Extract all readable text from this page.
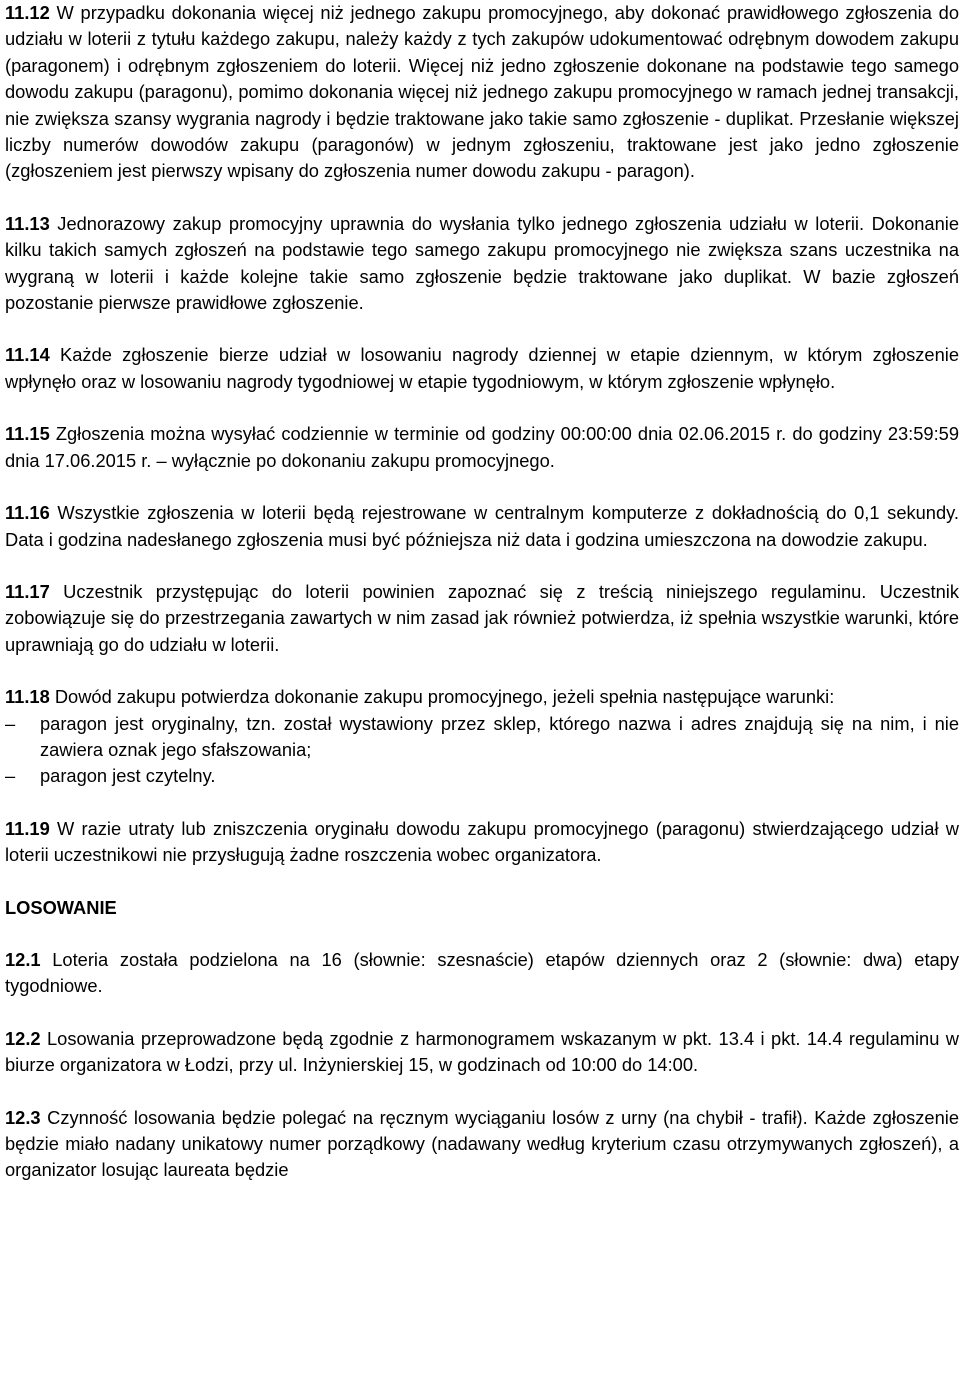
11.12 W przypadku dokonania więcej niż jednego zakupu promocyjnego, aby dokonać prawidłowego zgłoszenia do udziału w loterii z tytułu każdego zakupu, należy każdy z tych zakupów udokumentować odrębnym dowodem zakupu (paragonem) i odrębnym zgłoszeniem do loterii. Więcej niż jedno zgłoszenie dokonane na podstawie tego samego dowodu zakupu (paragonu), pomimo dokonania więcej niż jednego zakupu promocyjnego w ramach jednej transakcji, nie zwiększa szansy wygrania nagrody i będzie traktowane jako takie samo zgłoszenie - duplikat. Przesłanie większej liczby numerów dowodów zakupu (paragonów) w jednym zgłoszeniu, traktowane jest jako jedno zgłoszenie (zgłoszeniem jest pierwszy wpisany do zgłoszenia numer dowodu zakupu - paragon).

11.13 Jednorazowy zakup promocyjny uprawnia do wysłania tylko jednego zgłoszenia udziału w loterii. Dokonanie kilku takich samych zgłoszeń na podstawie tego samego zakupu promocyjnego nie zwiększa szans uczestnika na wygraną w loterii i każde kolejne takie samo zgłoszenie będzie traktowane jako duplikat. W bazie zgłoszeń pozostanie pierwsze prawidłowe zgłoszenie.

11.14 Każde zgłoszenie bierze udział w losowaniu nagrody dziennej w etapie dziennym, w którym zgłoszenie wpłynęło oraz w losowaniu nagrody tygodniowej w etapie tygodniowym, w którym zgłoszenie wpłynęło.

11.15 Zgłoszenia można wysyłać codziennie w terminie od godziny 00:00:00 dnia 02.06.2015 r. do godziny 23:59:59 dnia 17.06.2015 r. – wyłącznie po dokonaniu zakupu promocyjnego.

11.16 Wszystkie zgłoszenia w loterii będą rejestrowane w centralnym komputerze z dokładnością do 0,1 sekundy. Data i godzina nadesłanego zgłoszenia musi być późniejsza niż data i godzina umieszczona na dowodzie zakupu.

11.17 Uczestnik przystępując do loterii powinien zapoznać się z treścią niniejszego regulaminu. Uczestnik zobowiązuje się do przestrzegania zawartych w nim zasad jak również potwierdza, iż spełnia wszystkie warunki, które uprawniają go do udziału w loterii.

11.18 Dowód zakupu potwierdza dokonanie zakupu promocyjnego, jeżeli spełnia następujące warunki:

–	paragon jest oryginalny, tzn. został wystawiony przez sklep, którego nazwa i adres znajdują się na nim, i nie zawiera oznak jego sfałszowania;
–	paragon jest czytelny.

11.19 W razie utraty lub zniszczenia oryginału dowodu zakupu promocyjnego (paragonu) stwierdzającego udział w loterii uczestnikowi nie przysługują żadne roszczenia wobec organizatora.

LOSOWANIE

12.1 Loteria została podzielona na 16 (słownie: szesnaście) etapów dziennych oraz 2 (słownie: dwa) etapy tygodniowe.

12.2 Losowania przeprowadzone będą zgodnie z harmonogramem wskazanym w pkt. 13.4 i pkt. 14.4 regulaminu w biurze organizatora w Łodzi, przy ul. Inżynierskiej 15, w godzinach od 10:00 do 14:00.

12.3 Czynność losowania będzie polegać na ręcznym wyciąganiu losów z urny (na chybił - trafił). Każde zgłoszenie będzie miało nadany unikatowy numer porządkowy (nadawany według kryterium czasu otrzymywanych zgłoszeń), a organizator losując laureata będzie
